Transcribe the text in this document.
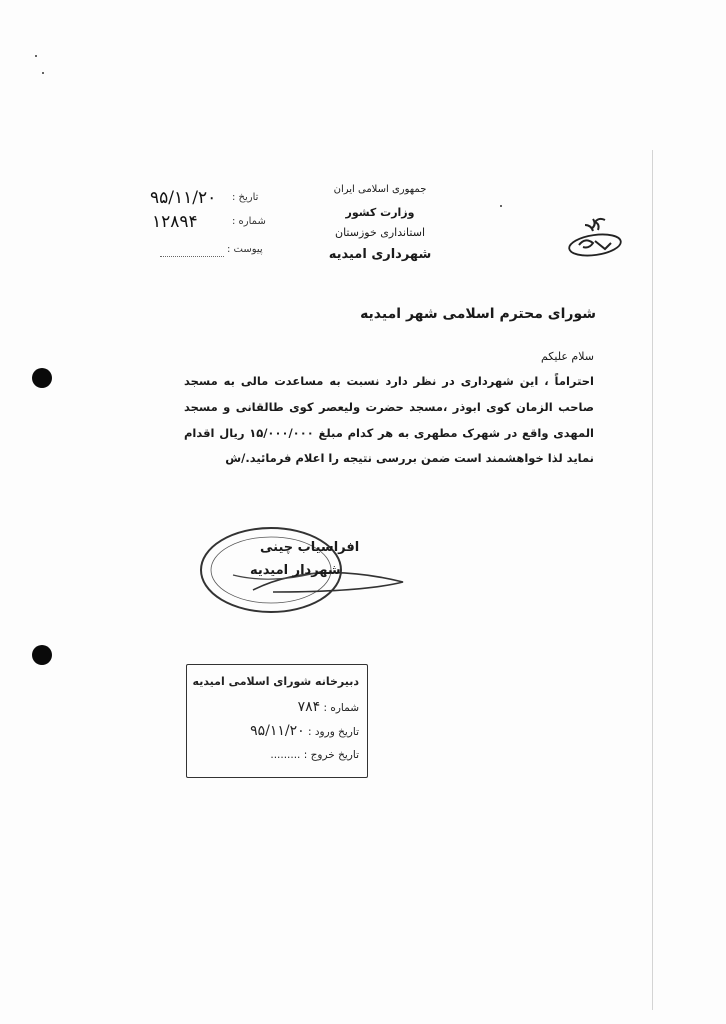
جمهوری اسلامی ایران
وزارت کشور
استانداری خوزستان
شهرداری امیدیه
تاریخ :
۹۵/۱۱/۲۰
شماره :
۱۲۸۹۴
پیوست :
شورای محترم اسلامی شهر امیدیه
سلام علیکم
احتراماً ، این شهرداری در نظر دارد نسبت به مساعدت مالی به مسجد
صاحب الزمان کوی ابوذر ،مسجد حضرت ولیعصر کوی طالقانی و مسجد
المهدی واقع در شهرک مطهری به هر کدام مبلغ ۱۵/۰۰۰/۰۰۰ ریال اقدام
نماید لذا خواهشمند است ضمن بررسی نتیجه را اعلام فرمائید./ش
افراسیاب چینی
شهردار امیدیه
دبیرخانه شورای اسلامی امیدیه
شماره : ۷۸۴
تاریخ ورود : ۹۵/۱۱/۲۰
تاریخ خروج : .........
